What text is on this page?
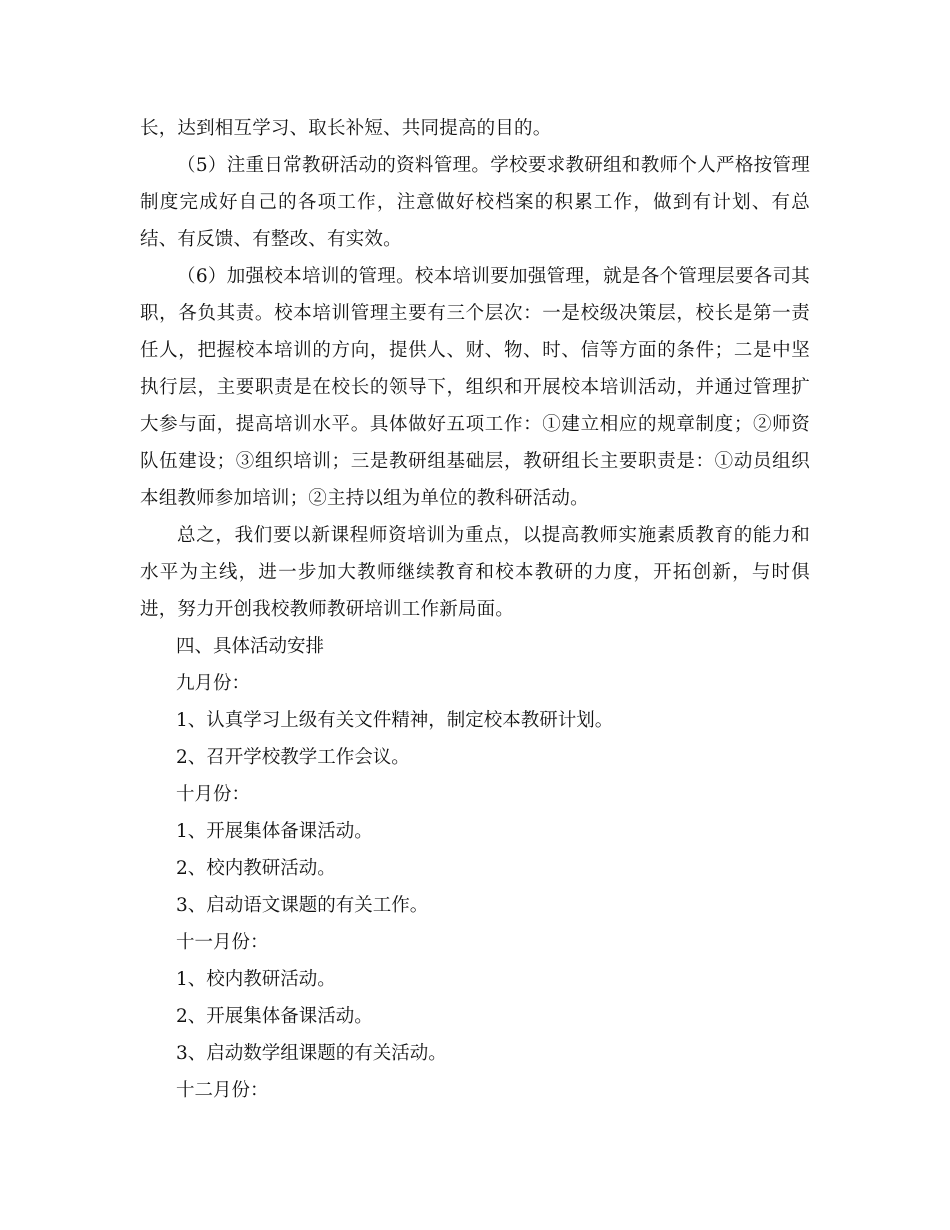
长，达到相互学习、取长补短、共同提高的目的。

（5）注重日常教研活动的资料管理。学校要求教研组和教师个人严格按管理制度完成好自己的各项工作，注意做好校档案的积累工作，做到有计划、有总结、有反馈、有整改、有实效。

（6）加强校本培训的管理。校本培训要加强管理，就是各个管理层要各司其职，各负其责。校本培训管理主要有三个层次：一是校级决策层，校长是第一责任人，把握校本培训的方向，提供人、财、物、时、信等方面的条件；二是中坚执行层，主要职责是在校长的领导下，组织和开展校本培训活动，并通过管理扩大参与面，提高培训水平。具体做好五项工作：①建立相应的规章制度；②师资队伍建设；③组织培训；三是教研组基础层，教研组长主要职责是：①动员组织本组教师参加培训；②主持以组为单位的教科研活动。

总之，我们要以新课程师资培训为重点，以提高教师实施素质教育的能力和水平为主线，进一步加大教师继续教育和校本教研的力度，开拓创新，与时俱进，努力开创我校教师教研培训工作新局面。

四、具体活动安排

九月份：

1、认真学习上级有关文件精神，制定校本教研计划。

2、召开学校教学工作会议。

十月份：

1、开展集体备课活动。

2、校内教研活动。

3、启动语文课题的有关工作。

十一月份：

1、校内教研活动。

2、开展集体备课活动。

3、启动数学组课题的有关活动。

十二月份：
